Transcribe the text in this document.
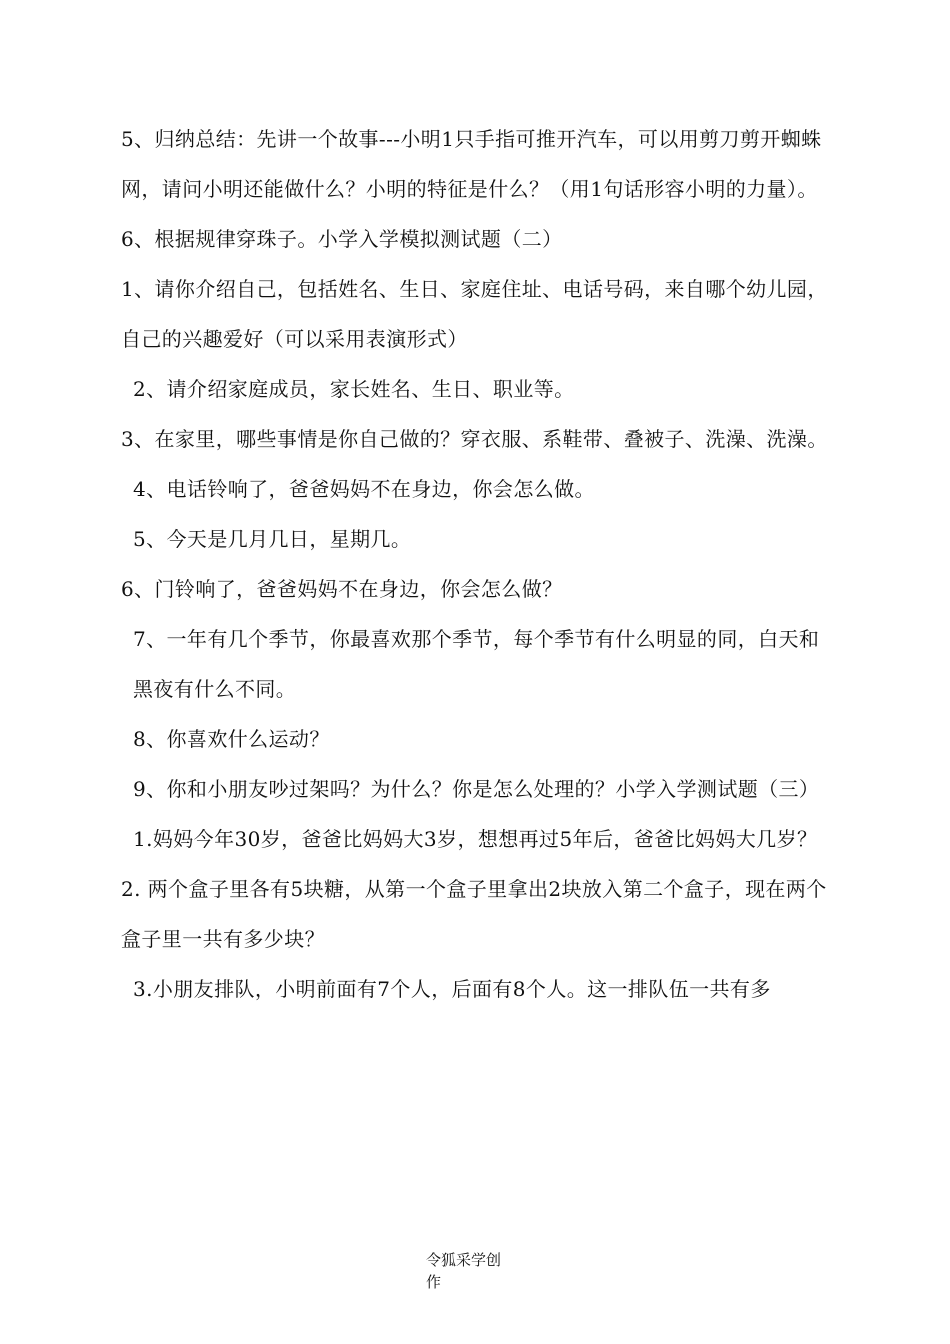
5、归纳总结：先讲一个故事---小明1只手指可推开汽车，可以用剪刀剪开蜘蛛网，请问小明还能做什么？小明的特征是什么？（用1句话形容小明的力量）。

6、根据规律穿珠子。小学入学模拟测试题（二）

1、请你介绍自己，包括姓名、生日、家庭住址、电话号码，来自哪个幼儿园，自己的兴趣爱好（可以采用表演形式）

2、请介绍家庭成员，家长姓名、生日、职业等。

3、在家里，哪些事情是你自己做的？穿衣服、系鞋带、叠被子、洗澡、洗澡。

4、电话铃响了，爸爸妈妈不在身边，你会怎么做。

5、今天是几月几日，星期几。

6、门铃响了，爸爸妈妈不在身边，你会怎么做？

7、一年有几个季节，你最喜欢那个季节，每个季节有什么明显的同，白天和黑夜有什么不同。

8、你喜欢什么运动？

9、你和小朋友吵过架吗？为什么？你是怎么处理的？小学入学测试题（三）

1.妈妈今年30岁，爸爸比妈妈大3岁，想想再过5年后，爸爸比妈妈大几岁？

2. 两个盒子里各有5块糖，从第一个盒子里拿出2块放入第二个盒子，现在两个盒子里一共有多少块？

3.小朋友排队，小明前面有7个人，后面有8个人。这一排队伍一共有多

令狐采学创
作
